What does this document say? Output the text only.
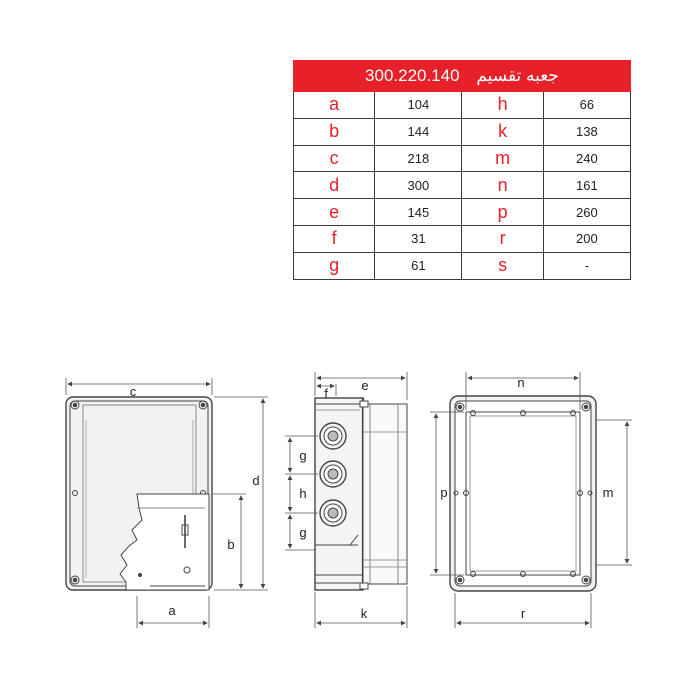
300.220.140 جعبه تقسیم			
a	104	h	66
b	144	k	138
c	218	m	240
d	300	n	161
e	145	p	260
f	31	r	200
g	61	s	-
c
d
b
a
e
f
g
h
g
k
n
p	m
r
